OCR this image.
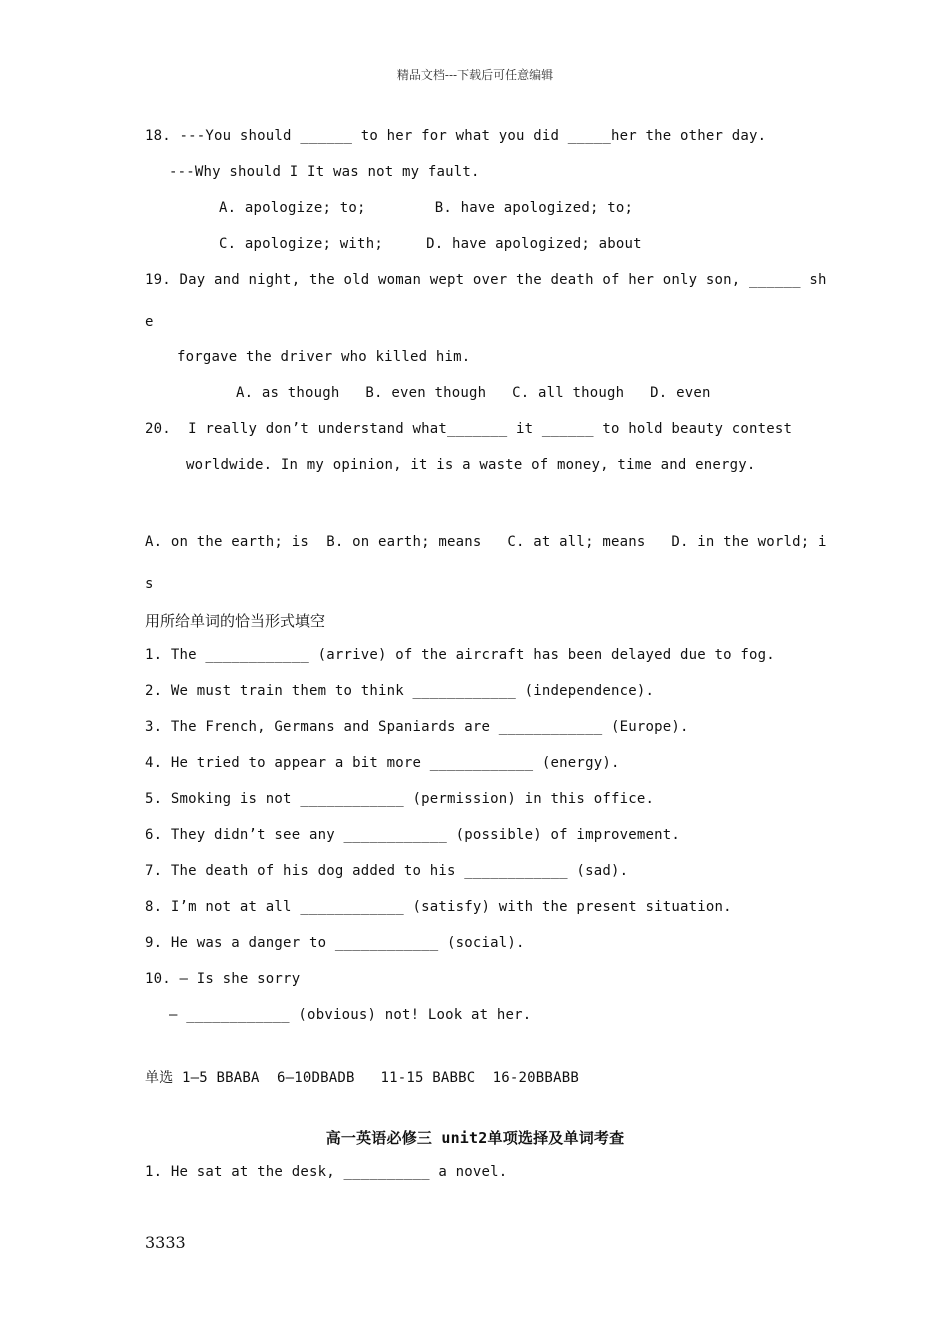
精品文档---下载后可任意编辑
18. ---You should ______ to her for what you did _____her the other day.
---Why should I It was not my fault.
A. apologize; to;        B. have apologized; to;
C. apologize; with;     D. have apologized; about
19. Day and night, the old woman wept over the death of her only son, ______ sh
e
forgave the driver who killed him.
A. as though   B. even though   C. all though   D. even
20.  I really don’t understand what_______ it ______ to hold beauty contest
worldwide. In my opinion, it is a waste of money, time and energy.
A. on the earth; is  B. on earth; means   C. at all; means   D. in the world; i
s
用所给单词的恰当形式填空
1. The ____________ (arrive) of the aircraft has been delayed due to fog.
2. We must train them to think ____________ (independence).
3. The French, Germans and Spaniards are ____________ (Europe).
4. He tried to appear a bit more ____________ (energy).
5. Smoking is not ____________ (permission) in this office.
6. They didn’t see any ____________ (possible) of improvement.
7. The death of his dog added to his ____________ (sad).
8. I’m not at all ____________ (satisfy) with the present situation.
9. He was a danger to ____________ (social).
10. — Is she sorry
— ____________ (obvious) not! Look at her.
单选 1—5 BBABA  6—10DBADB   11-15 BABBC  16-20BBABB
高一英语必修三 unit2单项选择及单词考查
1. He sat at the desk, __________ a novel.
3333
